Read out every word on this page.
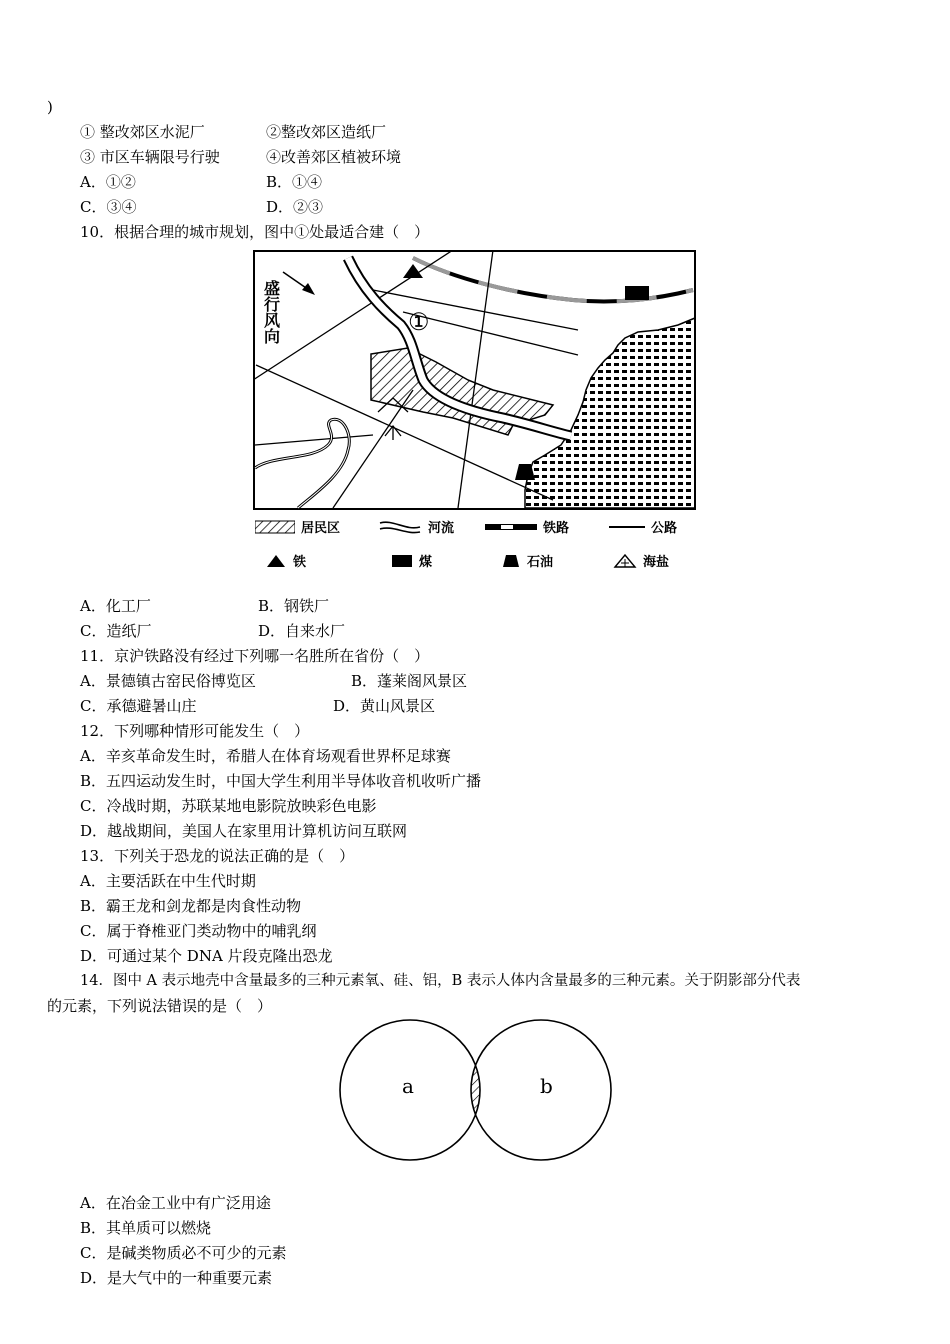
)
① 整改郊区水泥厂	②整改郊区造纸厂
③ 市区车辆限号行驶	④改善郊区植被环境
A．①②	B．①④
C．③④	D．②③
10．根据合理的城市规划，图中①处最适合建（　）
盛行风向	①
居民区	河流	铁路	公路
铁	煤	石油	海盐
A．化工厂	B．钢铁厂
C．造纸厂	D．自来水厂
11．京沪铁路没有经过下列哪一名胜所在省份（　）
A．景德镇古窑民俗博览区	B．蓬莱阁风景区
C．承德避暑山庄	D．黄山风景区
12．下列哪种情形可能发生（　）
A．辛亥革命发生时，希腊人在体育场观看世界杯足球赛
B．五四运动发生时，中国大学生利用半导体收音机收听广播
C．冷战时期，苏联某地电影院放映彩色电影
D．越战期间，美国人在家里用计算机访问互联网
13．下列关于恐龙的说法正确的是（　）
A．主要活跃在中生代时期
B．霸王龙和剑龙都是肉食性动物
C．属于脊椎亚门类动物中的哺乳纲
D．可通过某个 DNA 片段克隆出恐龙
14．图中 A 表示地壳中含量最多的三种元素氧、硅、铝，B 表示人体内含量最多的三种元素。关于阴影部分代表
的元素，下列说法错误的是（　）
a	b
A．在冶金工业中有广泛用途
B．其单质可以燃烧
C．是碱类物质必不可少的元素
D．是大气中的一种重要元素
